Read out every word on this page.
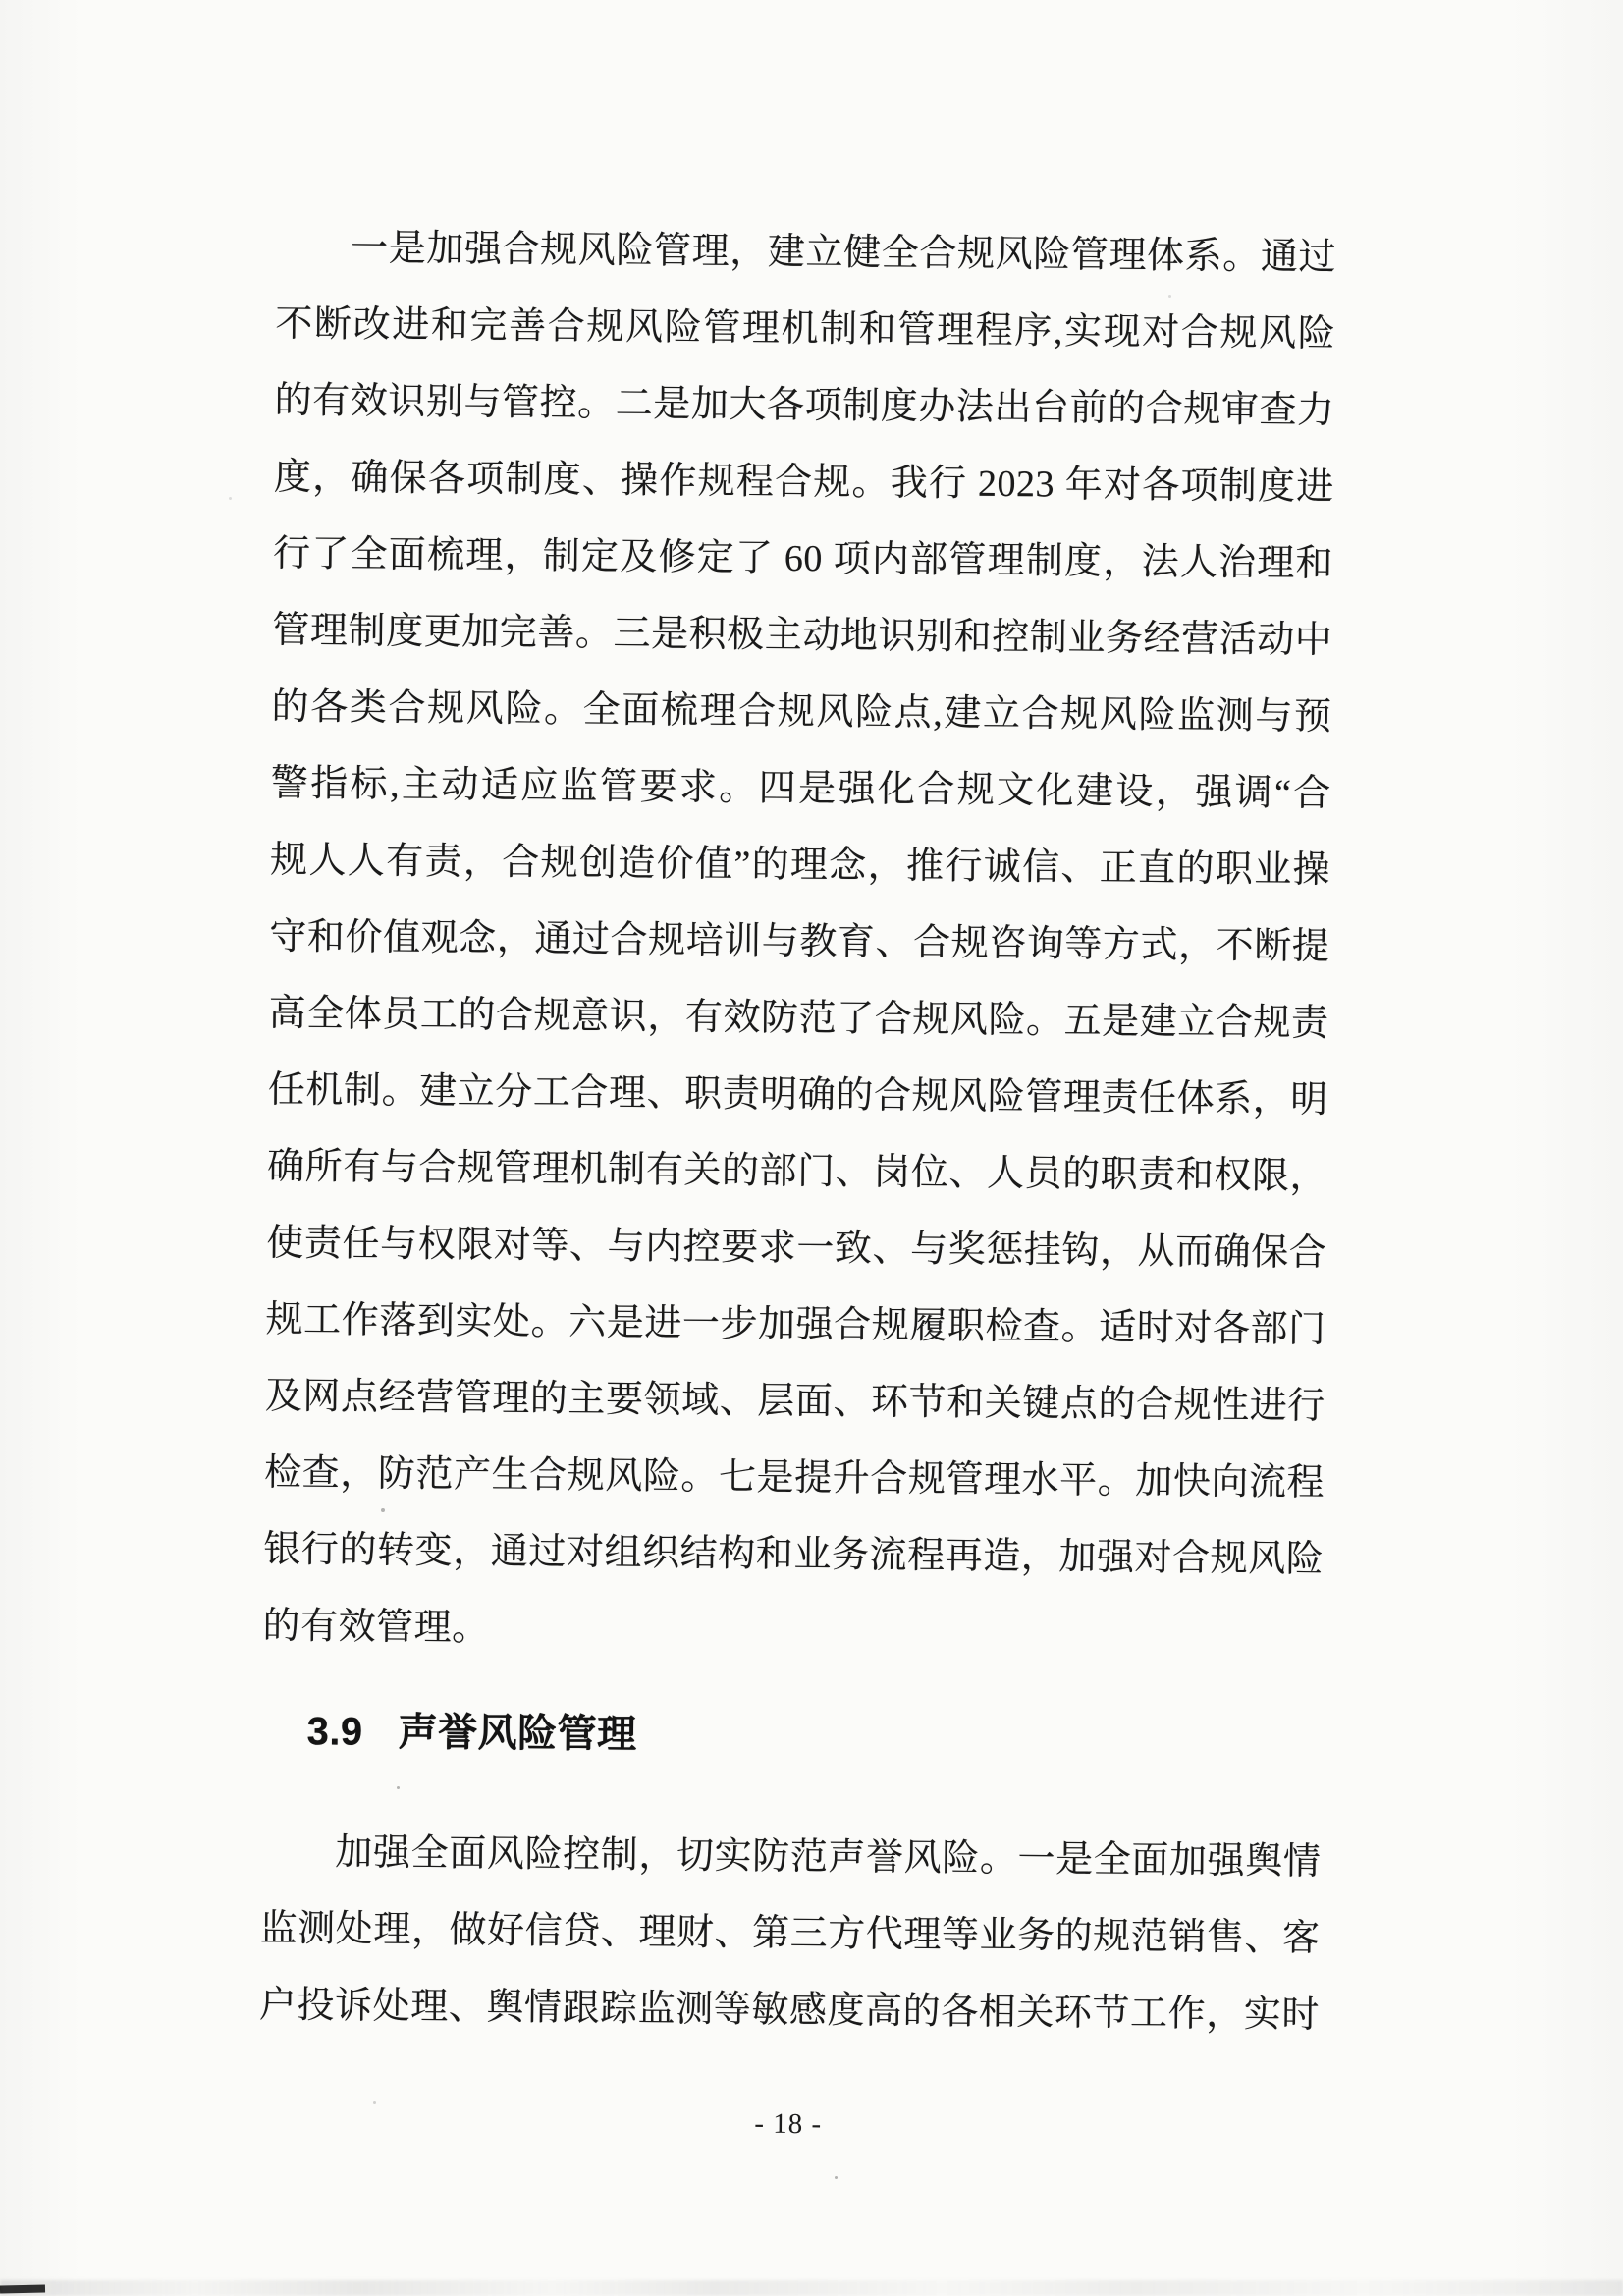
一是加强合规风险管理，建立健全合规风险管理体系。通过
不断改进和完善合规风险管理机制和管理程序,实现对合规风险
的有效识别与管控。二是加大各项制度办法出台前的合规审查力
度，确保各项制度、操作规程合规。我行 2023 年对各项制度进
行了全面梳理，制定及修定了 60 项内部管理制度，法人治理和
管理制度更加完善。三是积极主动地识别和控制业务经营活动中
的各类合规风险。全面梳理合规风险点,建立合规风险监测与预
警指标,主动适应监管要求。四是强化合规文化建设，强调“合
规人人有责，合规创造价值”的理念，推行诚信、正直的职业操
守和价值观念，通过合规培训与教育、合规咨询等方式，不断提
高全体员工的合规意识，有效防范了合规风险。五是建立合规责
任机制。建立分工合理、职责明确的合规风险管理责任体系，明
确所有与合规管理机制有关的部门、岗位、人员的职责和权限，
使责任与权限对等、与内控要求一致、与奖惩挂钩，从而确保合
规工作落到实处。六是进一步加强合规履职检查。适时对各部门
及网点经营管理的主要领域、层面、环节和关键点的合规性进行
检查，防范产生合规风险。七是提升合规管理水平。加快向流程
银行的转变，通过对组织结构和业务流程再造，加强对合规风险
的有效管理。
3.9 声誉风险管理
加强全面风险控制，切实防范声誉风险。一是全面加强舆情
监测处理，做好信贷、理财、第三方代理等业务的规范销售、客
户投诉处理、舆情跟踪监测等敏感度高的各相关环节工作，实时
- 18 -
